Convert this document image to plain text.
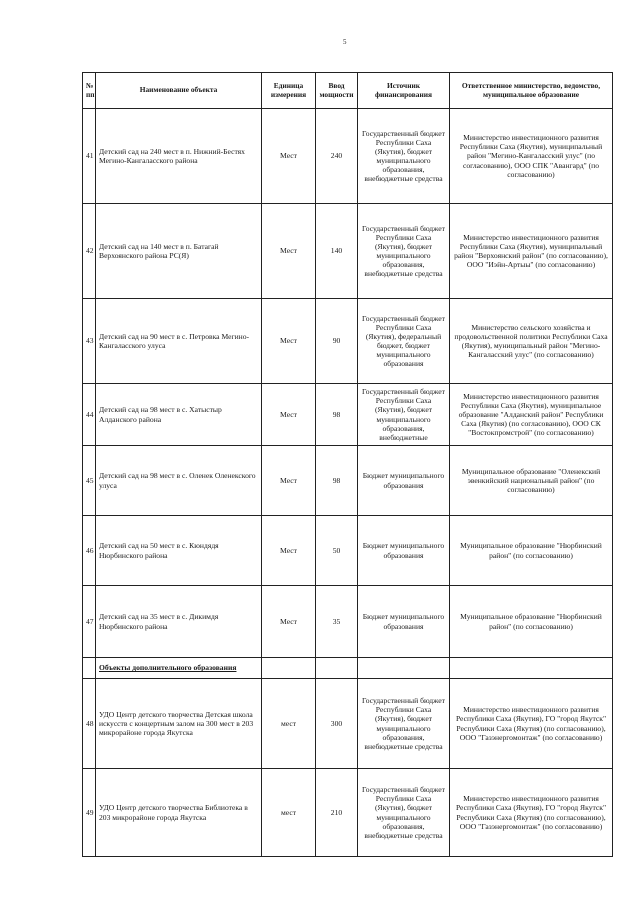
5
№ пп	Наименование объекта	Единица измерения	Ввод мощности	Источник финансирования	Ответственное министерство, ведомство, муниципальное образование
41	Детский сад на 240 мест в п. Нижний-Бестях Мегино-Кангаласского района	Мест	240	Государственный бюджет Республики Саха (Якутия), бюджет муниципального образования, внебюджетные средства	Министерство инвестиционного развития Республики Саха (Якутия), муниципальный район "Мегино-Кангаласский улус" (по согласованию), ООО СПК "Авангард" (по согласованию)
42	Детский сад на 140 мест в п. Батагай Верхоянского района РС(Я)	Мест	140	Государственный бюджет Республики Саха (Якутия), бюджет муниципального образования, внебюджетные средства	Министерство инвестиционного развития Республики Саха (Якутия), муниципальный район "Верхоянский район" (по согласованию), ООО "Иэйн-Артыы" (по согласованию)
43	Детский сад на 90 мест в с. Петровка Мегино-Кангаласского улуса	Мест	90	Государственный бюджет Республики Саха (Якутия), федеральный бюджет, бюджет муниципального образования	Министерство сельского хозяйства и продовольственной политики Республики Саха (Якутия), муниципальный район "Мегино-Кангаласский улус" (по согласованию)
44	Детский сад на 98 мест в с. Хатыстыр Алданского района	Мест	98	Государственный бюджет Республики Саха (Якутия), бюджет муниципального образования, внебюджетные	Министерство инвестиционного развития Республики Саха (Якутия), муниципальное образование "Алданский район" Республики Саха (Якутия) (по согласованию), ООО СК "Востокпромстрой" (по согласованию)
45	Детский сад на 98 мест в с. Оленек Оленекского улуса	Мест	98	Бюджет муниципального образования	Муниципальное образование "Оленекский эвенкийский национальный район" (по согласованию)
46	Детский сад на 50 мест в с. Кюндядя Нюрбинского района	Мест	50	Бюджет муниципального образования	Муниципальное образование "Нюрбинский район" (по согласованию)
47	Детский сад на 35 мест в с. Дикимдя Нюрбинского района	Мест	35	Бюджет муниципального образования	Муниципальное образование "Нюрбинский район" (по согласованию)
	Объекты дополнительного образования				
48	УДО Центр детского творчества Детская школа искусств с концертным залом на 300 мест в 203 микрорайоне города Якутска	мест	300	Государственный бюджет Республики Саха (Якутия), бюджет муниципального образования, внебюджетные средства	Министерство инвестиционного развития Республики Саха (Якутия), ГО "город Якутск" Республики Саха (Якутия) (по согласованию), ООО "Газэнергомонтаж" (по согласованию)
49	УДО Центр детского творчества Библиотека в 203 микрорайоне города Якутска	мест	210	Государственный бюджет Республики Саха (Якутия), бюджет муниципального образования, внебюджетные средства	Министерство инвестиционного развития Республики Саха (Якутия), ГО "город Якутск" Республики Саха (Якутия) (по согласованию), ООО "Газэнергомонтаж" (по согласованию)
